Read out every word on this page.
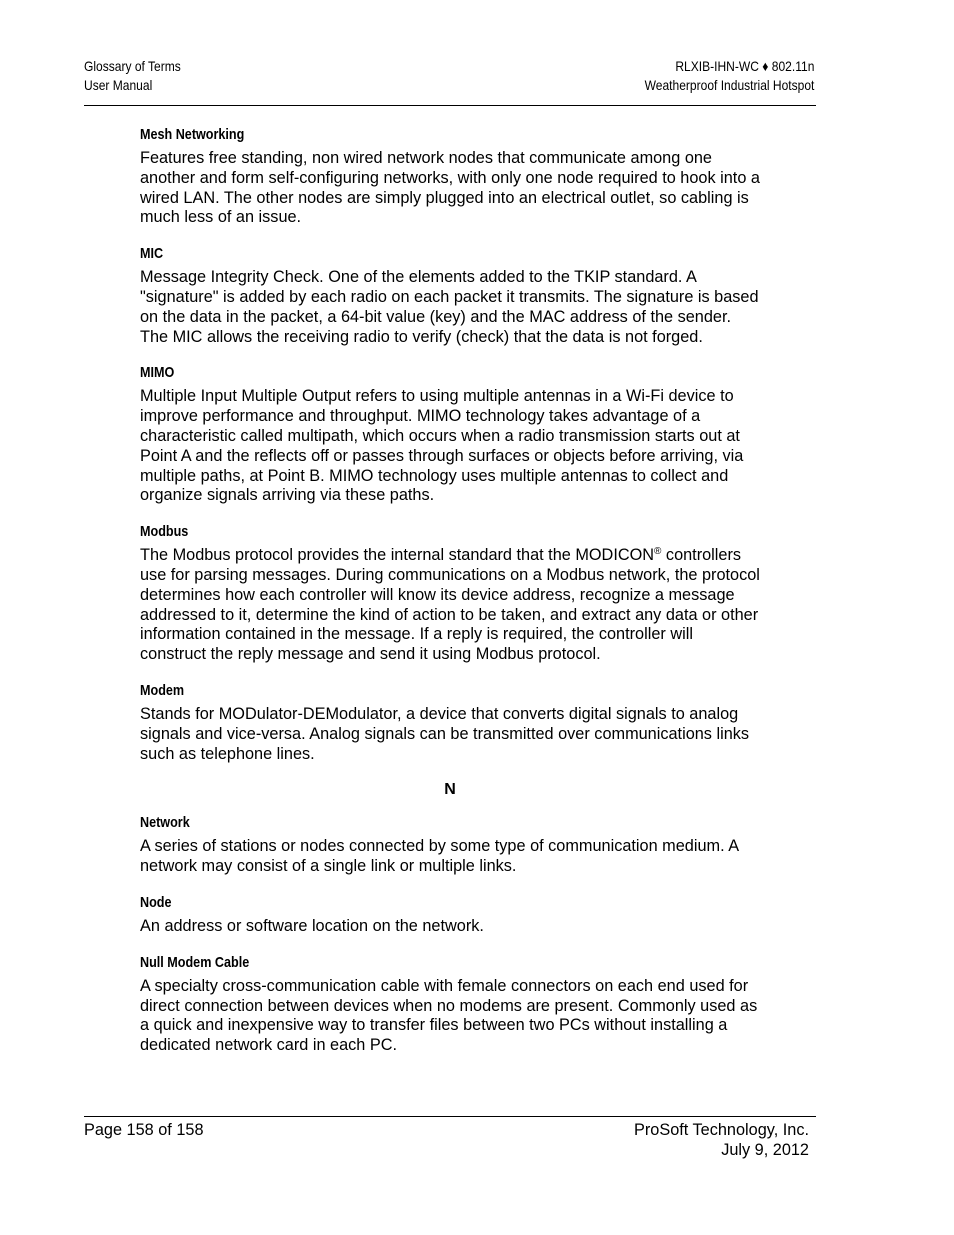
Glossary of Terms
User Manual
RLXIB-IHN-WC ♦ 802.11n
Weatherproof Industrial Hotspot
Mesh Networking

Features free standing, non wired network nodes that communicate among one another and form self-configuring networks, with only one node required to hook into a wired LAN. The other nodes are simply plugged into an electrical outlet, so cabling is much less of an issue.

MIC

Message Integrity Check. One of the elements added to the TKIP standard. A "signature" is added by each radio on each packet it transmits. The signature is based on the data in the packet, a 64-bit value (key) and the MAC address of the sender. The MIC allows the receiving radio to verify (check) that the data is not forged.

MIMO

Multiple Input Multiple Output refers to using multiple antennas in a Wi-Fi device to improve performance and throughput. MIMO technology takes advantage of a characteristic called multipath, which occurs when a radio transmission starts out at Point A and the reflects off or passes through surfaces or objects before arriving, via multiple paths, at Point B. MIMO technology uses multiple antennas to collect and organize signals arriving via these paths.

Modbus

The Modbus protocol provides the internal standard that the MODICON® controllers use for parsing messages. During communications on a Modbus network, the protocol determines how each controller will know its device address, recognize a message addressed to it, determine the kind of action to be taken, and extract any data or other information contained in the message. If a reply is required, the controller will construct the reply message and send it using Modbus protocol.

Modem

Stands for MODulator-DEModulator, a device that converts digital signals to analog signals and vice-versa. Analog signals can be transmitted over communications links such as telephone lines.

N
Network

A series of stations or nodes connected by some type of communication medium. A network may consist of a single link or multiple links.

Node

An address or software location on the network.

Null Modem Cable

A specialty cross-communication cable with female connectors on each end used for direct connection between devices when no modems are present. Commonly used as a quick and inexpensive way to transfer files between two PCs without installing a dedicated network card in each PC.

Page 158 of 158	ProSoft Technology, Inc.
July 9, 2012
